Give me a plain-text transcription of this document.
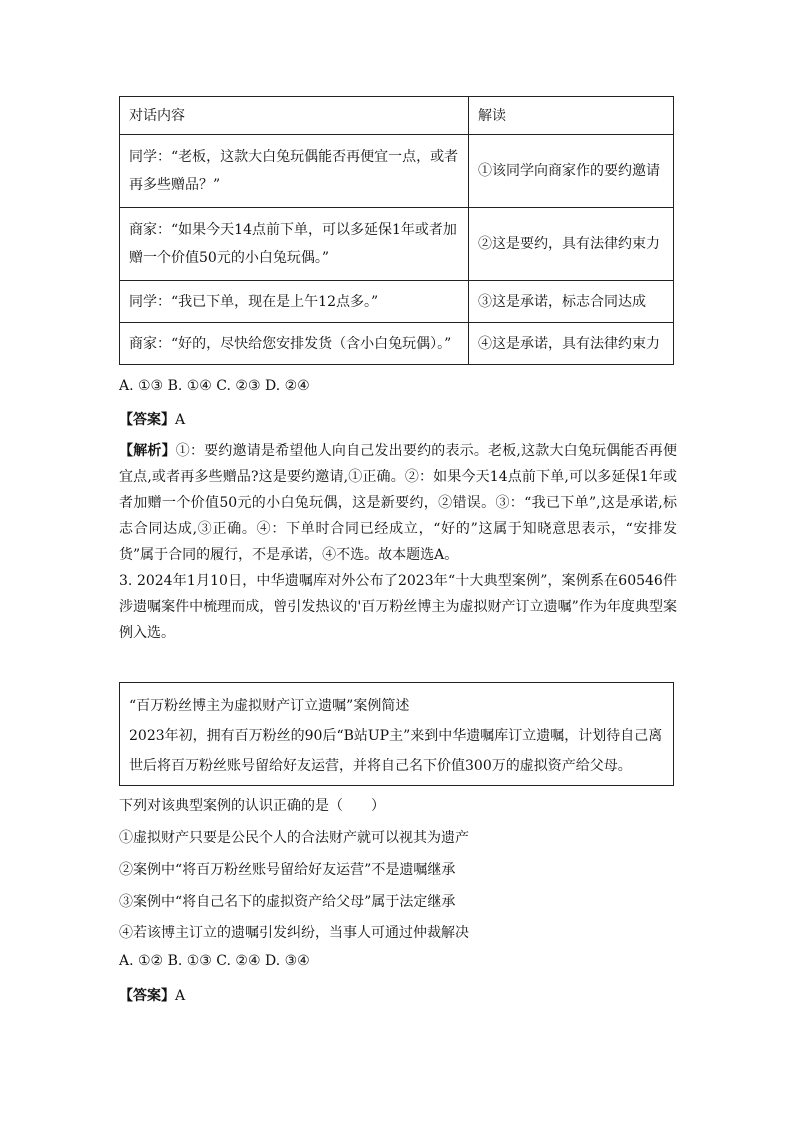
对话内容	解读
同学：“老板，这款大白兔玩偶能否再便宜一点，或者再多些赠品？”	①该同学向商家作的要约邀请
商家：“如果今天14点前下单，可以多延保1年或者加赠一个价值50元的小白兔玩偶。”	②这是要约，具有法律约束力
同学：“我已下单，现在是上午12点多。”	③这是承诺，标志合同达成
商家：“好的，尽快给您安排发货（含小白兔玩偶）。”	④这是承诺，具有法律约束力
A. ①③ B. ①④ C. ②③ D. ②④
【答案】A
【解析】①：要约邀请是希望他人向自己发出要约的表示。老板,这款大白兔玩偶能否再便宜点,或者再多些赠品?这是要约邀请,①正确。②：如果今天14点前下单,可以多延保1年或者加赠一个价值50元的小白兔玩偶，这是新要约，②错误。③：“我已下单”,这是承诺,标志合同达成,③正确。④：下单时合同已经成立，“好的”这属于知晓意思表示，“安排发货”属于合同的履行，不是承诺，④不选。故本题选A。
3. 2024年1月10日，中华遗嘱库对外公布了2023年“十大典型案例”，案例系在60546件涉遗嘱案件中梳理而成，曾引发热议的'百万粉丝博主为虚拟财产订立遗嘱”作为年度典型案例入选。
“百万粉丝博主为虚拟财产订立遗嘱”案例简述
2023年初，拥有百万粉丝的90后“B站UP主”来到中华遗嘱库订立遗嘱，计划待自己离
世后将百万粉丝账号留给好友运营，并将自己名下价值300万的虚拟资产给父母。
下列对该典型案例的认识正确的是（　　）
①虚拟财产只要是公民个人的合法财产就可以视其为遗产
②案例中“将百万粉丝账号留给好友运营”不是遗嘱继承
③案例中“将自己名下的虚拟资产给父母”属于法定继承
④若该博主订立的遗嘱引发纠纷，当事人可通过仲裁解决
A. ①② B. ①③ C. ②④ D. ③④
【答案】A
